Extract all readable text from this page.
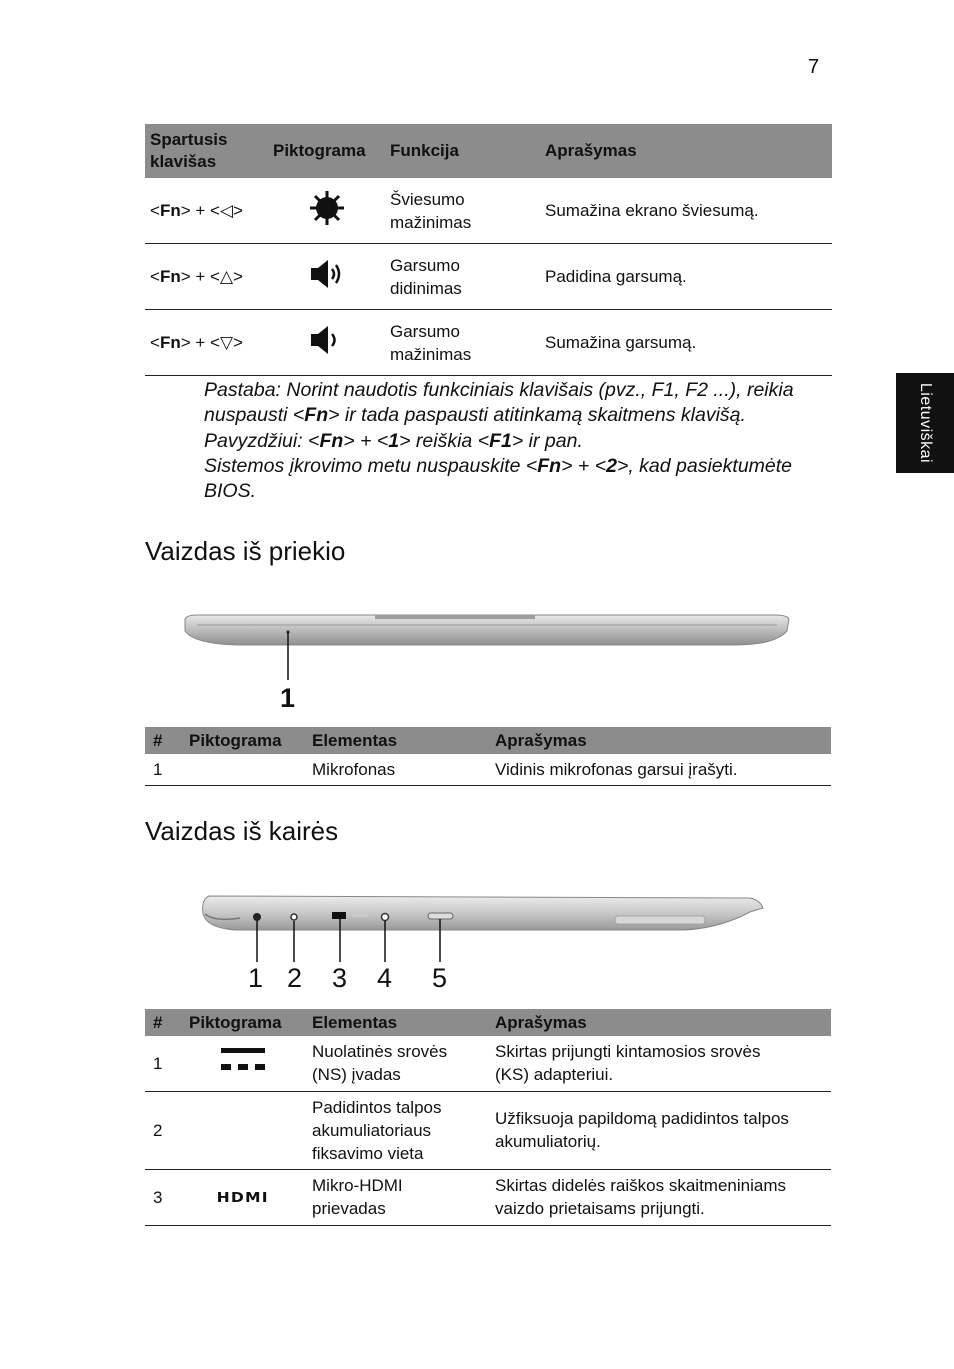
7
Lietuviškai
Spartusis
klavišas	Piktograma	Funkcija	Aprašymas
<Fn> + <◁>		Šviesumo
mažinimas	Sumažina ekrano šviesumą.
<Fn> + <△>		Garsumo
didinimas	Padidina garsumą.
<Fn> + <▽>		Garsumo
mažinimas	Sumažina garsumą.
Pastaba: Norint naudotis funkciniais klavišais (pvz., F1, F2 ...), reikia
nuspausti <Fn> ir tada paspausti atitinkamą skaitmens klavišą.
Pavyzdžiui: <Fn> + <1> reiškia <F1> ir pan.
Sistemos įkrovimo metu nuspauskite <Fn> + <2>, kad pasiektumėte
BIOS.
Vaizdas iš priekio
1
#	Piktograma	Elementas	Aprašymas
1		Mikrofonas	Vidinis mikrofonas garsui įrašyti.
Vaizdas iš kairės
1 2 3 4 5
#	Piktograma	Elementas	Aprašymas
1		Nuolatinės srovės
(NS) įvadas	Skirtas prijungti kintamosios srovės
(KS) adapteriui.
2		Padidintos talpos
akumuliatoriaus
fiksavimo vieta	Užfiksuoja papildomą padidintos talpos
akumuliatorių.
3	HDMI	Mikro-HDMI
prievadas	Skirtas didelės raiškos skaitmeniniams
vaizdo prietaisams prijungti.
